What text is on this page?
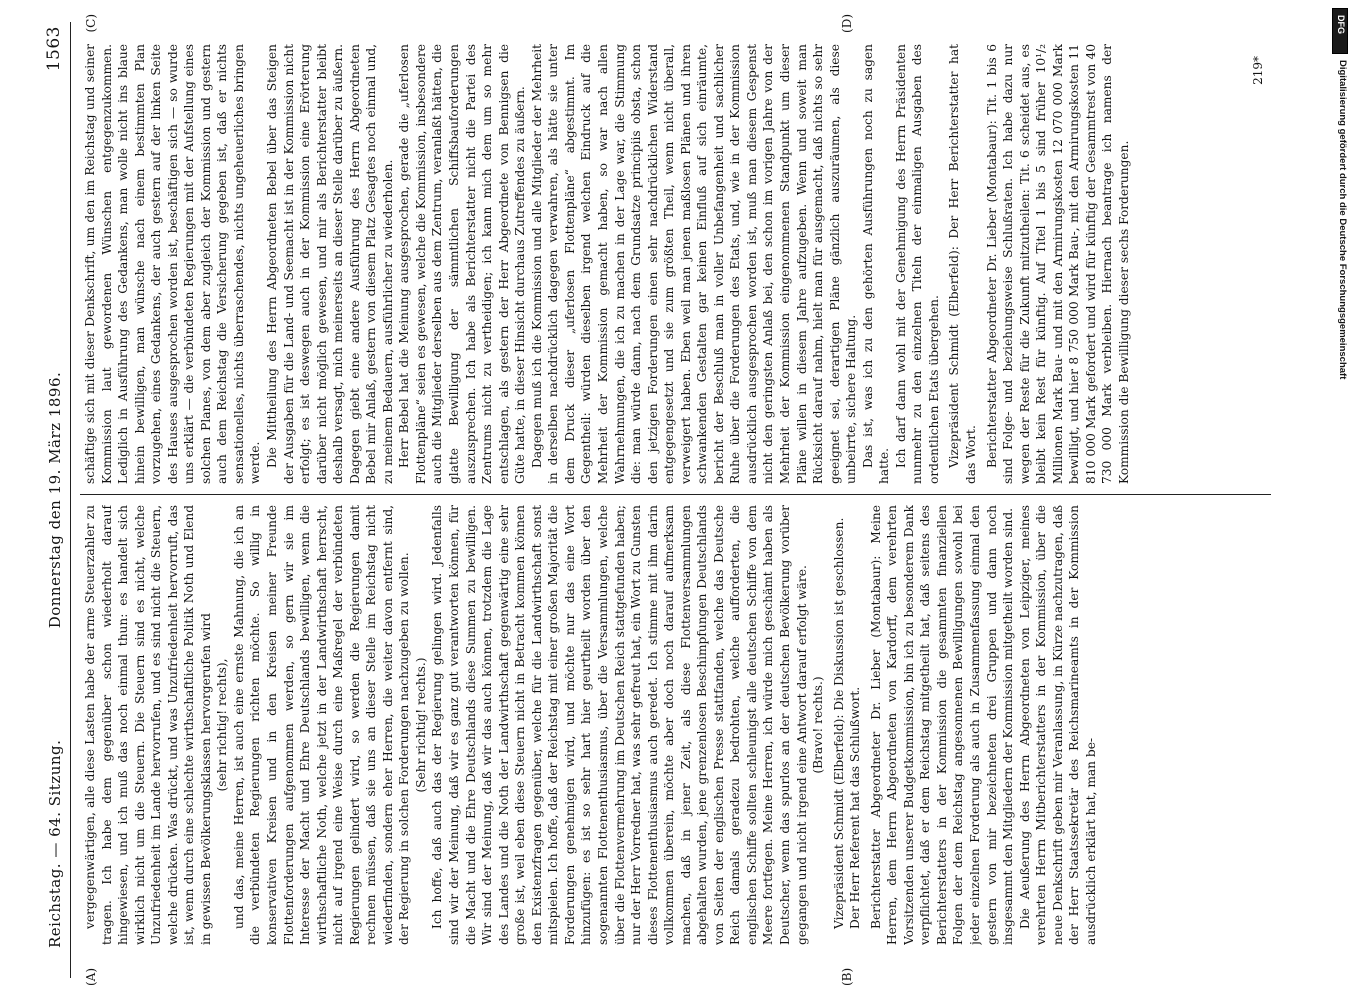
Reichstag. — 64. Sitzung.
Donnerstag den 19. März 1896.
1563
(A)	(B)
(C)	(D)

vergegenwärtigen, alle diese Lasten habe der arme Steuerzahler zu tragen. Ich habe dem gegenüber schon wiederholt darauf hingewiesen, und ich muß das noch einmal thun: es handelt sich wirklich nicht um die Steuern. Die Steuern sind es nicht, welche Unzufriedenheit im Lande hervorrufen, und es sind nicht die Steuern, welche drücken. Was drückt, und was Unzufriedenheit hervorruft, das ist, wenn durch eine schlechte wirthschaftliche Politik Noth und Elend in gewissen Bevölkerungsklassen hervorgerufen wird (sehr richtig! rechts), und das, meine Herren, ist auch eine ernste Mahnung, die ich an die verbündeten Regierungen richten möchte. So willig in konservativen Kreisen und in den Kreisen meiner Freunde Flottenforderungen aufgenommen werden, so gern wir sie im Interesse der Macht und Ehre Deutschlands bewilligen, wenn die wirthschaftliche Noth, welche jetzt in der Landwirthschaft herrscht, nicht auf irgend eine Weise durch eine Maßregel der verbündeten Regierungen gelindert wird, so werden die Regierungen damit rechnen müssen, daß sie uns an dieser Stelle im Reichstag nicht wiederfinden, sondern eher Herren, die weiter davon entfernt sind, der Regierung in solchen Forderungen nachzugeben zu wollen. (Sehr richtig! rechts.) Ich hoffe, daß auch das der Regierung gelingen wird. Jedenfalls sind wir der Meinung, daß wir es ganz gut verantworten können, für die Macht und die Ehre Deutschlands diese Summen zu bewilligen. Wir sind der Meinung, daß wir das auch können, trotzdem die Lage des Landes und die Noth der Landwirthschaft gegenwärtig eine sehr große ist, weil eben diese Steuern nicht in Betracht kommen können den Existenzfragen gegenüber, welche für die Landwirthschaft sonst mitspielen. Ich hoffe, daß der Reichstag mit einer großen Majorität die Forderungen genehmigen wird, und möchte nur das eine Wort hinzufügen: es ist so sehr hart hier geurtheilt worden über den sogenannten Flottenenthusiasmus, über die Versammlungen, welche über die Flottenvermehrung im Deutschen Reich stattgefunden haben; nur der Herr Vorredner hat, was sehr gefreut hat, ein Wort zu Gunsten dieses Flottenenthusiasmus auch geredet. Ich stimme mit ihm darin vollkommen überein, möchte aber doch noch darauf aufmerksam machen, daß in jener Zeit, als diese Flottenversammlungen abgehalten wurden, jene grenzenlosen Beschimpfungen Deutschlands von Seiten der englischen Presse stattfanden, welche das Deutsche Reich damals geradezu bedrohten, welche aufforderten, die englischen Schiffe sollten schleunigst alle deutschen Schiffe von dem Meere fortfegen. Meine Herren, ich würde mich geschämt haben als Deutscher, wenn das spurlos an der deutschen Bevölkerung vorüber gegangen und nicht irgend eine Antwort darauf erfolgt wäre. (Bravo! rechts.) Vizepräsident Schmidt (Elberfeld): Die Diskussion ist geschlossen. Der Herr Referent hat das Schlußwort. Berichterstatter Abgeordneter Dr. Lieber (Montabaur): Meine Herren, dem Herrn Abgeordneten von Kardorff, dem verehrten Vorsitzenden unserer Budgetkommission, bin ich zu besonderem Dank verpflichtet, daß er dem Reichstag mitgetheilt hat, daß seitens des Berichterstatters in der Kommission die gesammten finanziellen Folgen der dem Reichstag angesonnenen Bewilligungen sowohl bei jeder einzelnen Forderung als auch in Zusammenfassung einmal den gestern von mir bezeichneten drei Gruppen und dann noch insgesammt den Mitgliedern der Kommission mitgetheilt worden sind. Die Aeußerung des Herrn Abgeordneten von Leipziger, meines verehrten Herrn Mitberichterstatters in der Kommission, über die neue Denkschrift geben mir Veranlassung, in Kürze nachzutragen, daß der Herr Staatssekretär des Reichsmarineamts in der Kommission ausdrücklich erklärt hat, man be-

schäftige sich mit dieser Denkschrift, um den im Reichstag und seiner Kommission laut gewordenen Wünschen entgegenzukommen. Lediglich in Ausführung des Gedankens, man wolle nicht ins blaue hinein bewilligen, man wünsche nach einem bestimmten Plan vorzugehen, eines Gedankens, der auch gestern auf der linken Seite des Hauses ausgesprochen worden ist, beschäftigen sich — so wurde uns erklärt — die verbündeten Regierungen mit der Aufstellung eines solchen Planes, von dem aber zugleich der Kommission und gestern auch dem Reichstag die Versicherung gegeben ist, daß er nichts sensationelles, nichts überraschendes, nichts ungeheuerliches bringen werde. Die Mittheilung des Herrn Abgeordneten Bebel über das Steigen der Ausgaben für die Land- und Seemacht ist in der Kommission nicht erfolgt; es ist deswegen auch in der Kommission eine Erörterung darüber nicht möglich gewesen, und mir als Berichterstatter bleibt deshalb versagt, mich meinerseits an dieser Stelle darüber zu äußern. Dagegen giebt eine andere Ausführung des Herrn Abgeordneten Bebel mir Anlaß, gestern von diesem Platz Gesagtes noch einmal und, zu meinem Bedauern, ausführlicher zu wiederholen. Herr Bebel hat die Meinung ausgesprochen, gerade die „uferlosen Flottenpläne“ seien es gewesen, welche die Kommission, insbesondere auch die Mitglieder derselben aus dem Zentrum, veranlaßt hätten, die glatte Bewilligung der sämmtlichen Schiffsbauforderungen auszusprechen. Ich habe als Berichterstatter nicht die Partei des Zentrums nicht zu vertheidigen; ich kann mich dem um so mehr entschlagen, als gestern der Herr Abgeordnete von Bennigsen die Güte hatte, in dieser Hinsicht durchaus Zutreffendes zu äußern. Dagegen muß ich die Kommission und alle Mitglieder der Mehrheit in derselben nachdrücklich dagegen verwahren, als hätte sie unter dem Druck dieser „uferlosen Flottenpläne“ abgestimmt. Im Gegentheil: würden dieselben irgend welchen Eindruck auf die Mehrheit der Kommission gemacht haben, so war nach allen Wahrnehmungen, die ich zu machen in der Lage war, die Stimmung die: man würde dann, nach dem Grundsatze principiis obsta, schon den jetzigen Forderungen einen sehr nachdrücklichen Widerstand entgegengesetzt und sie zum größten Theil, wenn nicht überall, verweigert haben. Eben weil man jenen maßlosen Plänen und ihren schwankenden Gestalten gar keinen Einfluß auf sich einräumte, bericht der Beschluß man in voller Unbefangenheit und sachlicher Ruhe über die Forderungen des Etats, und, wie in der Kommission ausdrücklich ausgesprochen worden ist, muß man diesem Gespenst nicht den geringsten Anlaß bei, den schon im vorigen Jahre von der Mehrheit der Kommission eingenommenen Standpunkt um dieser Pläne willen in diesem Jahre aufzugeben. Wenn und soweit man Rücksicht darauf nahm, hielt man für ausgemacht, daß nichts so sehr geeignet sei, derartigen Pläne gänzlich auszuräumen, als diese unbeirrte, sichere Haltung. Das ist, was ich zu den gehörten Ausführungen noch zu sagen hatte. Ich darf dann wohl mit der Genehmigung des Herrn Präsidenten nunmehr zu den einzelnen Titeln der einmaligen Ausgaben des ordentlichen Etats übergehen. Vizepräsident Schmidt (Elberfeld): Der Herr Berichterstatter hat das Wort. Berichterstatter Abgeordneter Dr. Lieber (Montabaur): Tit. 1 bis 6 sind Folge- und beziehungsweise Schlußraten. Ich habe dazu nur wegen der Reste für die Zukunft mitzutheilen: Tit. 6 scheidet aus, es bleibt kein Rest für künftig. Auf Titel 1 bis 5 sind früher 10¹/₂ Millionen Mark Bau- und mit den Armirungskosten 12 070 000 Mark bewilligt, und hier 8 750 000 Mark Bau-, mit den Armirungskosten 11 810 000 Mark gefordert und wird für künftig der Gesammtrest von 40 730 000 Mark verbleiben. Hiernach beantrage ich namens der Kommission die Bewilligung dieser sechs Forderungen.

219*
DFG
Digitalisierung gefördert durch die Deutsche Forschungsgemeinschaft
